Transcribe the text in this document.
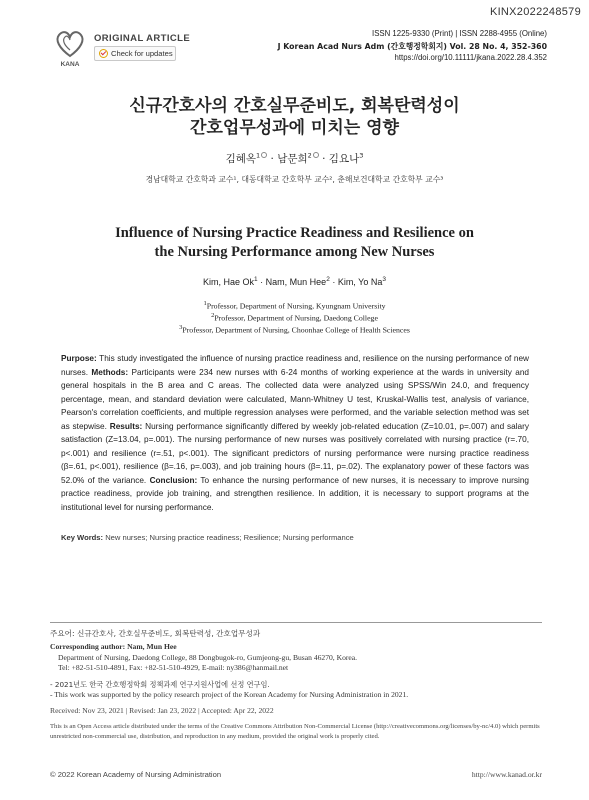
KINX2022248579
KANA
ORIGINAL ARTICLE
Check for updates
ISSN 1225-9330 (Print) | ISSN 2288-4955 (Online)
J Korean Acad Nurs Adm (간호행정학회지) Vol. 28 No. 4, 352-360
https://doi.org/10.11111/jkana.2022.28.4.352
신규간호사의 간호실무준비도, 회복탄력성이
간호업무성과에 미치는 영향
김혜옥$^1$ · 남문희$^2$ · 김요나$^3$
경남대학교 간호학과 교수¹, 대동대학교 간호학부 교수², 춘해보건대학교 간호학부 교수³
Influence of Nursing Practice Readiness and Resilience on
the Nursing Performance among New Nurses
Kim, Hae $Ok^1$ · Nam, Mun Hee$^2$ · Kim, Yo Na$^3$
$^1$Professor, Department of Nursing, Kyungnam University
$^2$Professor, Department of Nursing, Daedong College
$^3$Professor, Department of Nursing, Choonhae College of Health Sciences
Purpose: This study investigated the influence of nursing practice readiness and, resilience on the nursing performance of new nurses. Methods: Participants were 234 new nurses with 6-24 months of working experience at the wards in university and general hospitals in the B area and C areas. The collected data were analyzed using SPSS/Win 24.0, and frequency percentage, mean, and standard deviation were calculated, Mann-Whitney U test, Kruskal-Wallis test, analysis of variance, Pearson's correlation coefficients, and multiple regression analyses were performed, and the variable selection method was set as stepwise. Results: Nursing performance significantly differed by weekly job-related education (Z=10.01, p=.007) and salary satisfaction (Z=13.04, p=.001). The nursing performance of new nurses was positively correlated with nursing practice (r=.70, p<.001) and resilience (r=.51, p<.001). The significant predictors of nursing performance were nursing practice readiness (β=.61, p<.001), resilience (β=.16, p=.003), and job training hours (β=.11, p=.02). The explanatory power of these factors was 52.0% of the variance. Conclusion: To enhance the nursing performance of new nurses, it is necessary to improve nursing practice readiness, provide job training, and strengthen resilience. In addition, it is necessary to support programs at the institutional level for nursing performance.
Key Words: New nurses; Nursing practice readiness; Resilience; Nursing performance
주요어: 신규간호사, 간호실무준비도, 회복탄력성, 간호업무성과
Corresponding author: Nam, Mun Hee
Department of Nursing, Daedong College, 88 Dongbugok-ro, Gumjeong-gu, Busan 46270, Korea.
Tel: +82-51-510-4891, Fax: +82-51-510-4929, E-mail: ny386@hanmail.net
- 2021년도 한국 간호행정학회 정책과제 연구지원사업에 선정 연구임.
- This work was supported by the policy research project of the Korean Academy for Nursing Administration in 2021.
Received: Nov 23, 2021 | Revised: Jan 23, 2022 | Accepted: Apr 22, 2022
This is an Open Access article distributed under the terms of the Creative Commons Attribution Non-Commercial License (http://creativecommons.org/licenses/by-nc/4.0) which permits unrestricted non-commercial use, distribution, and reproduction in any medium, provided the original work is properly cited.
© 2022 Korean Academy of Nursing Administration	http://www.kanad.or.kr
